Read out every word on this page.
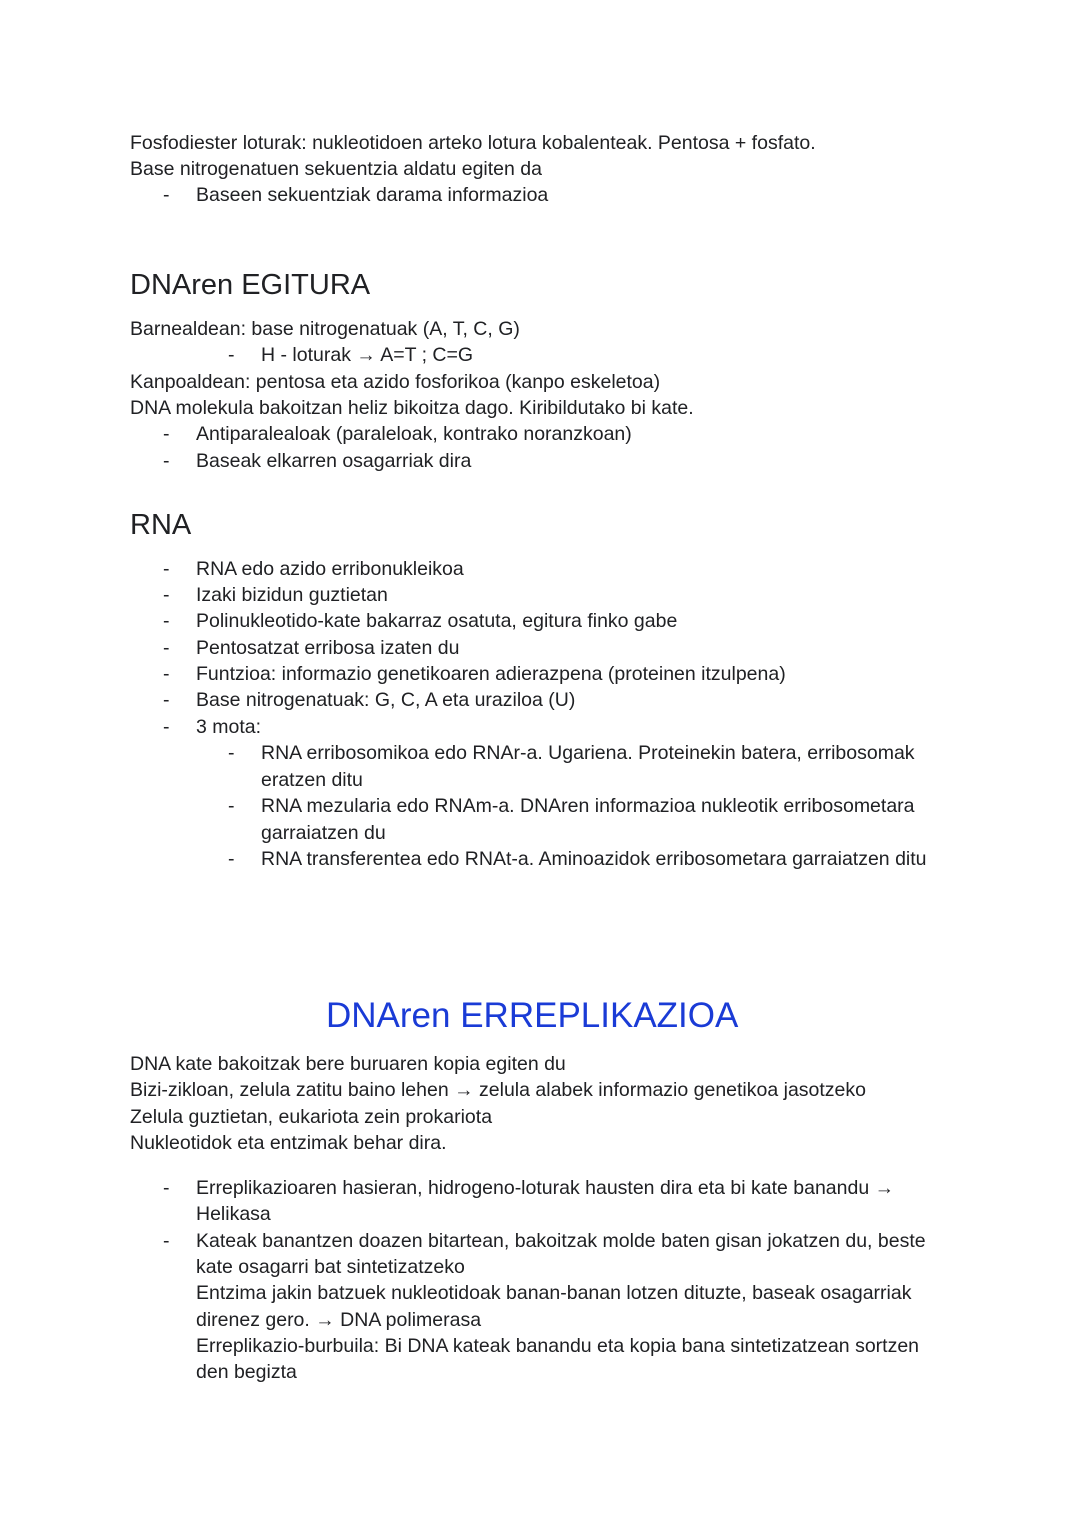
Fosfodiester loturak: nukleotidoen arteko lotura kobalenteak. Pentosa + fosfato.
Base nitrogenatuen sekuentzia aldatu egiten da
- Baseen sekuentziak darama informazioa
DNAren EGITURA
Barnealdean: base nitrogenatuak (A, T, C, G)
- H - loturak → A=T ; C=G
Kanpoaldean: pentosa eta azido fosforikoa (kanpo eskeletoa)
DNA molekula bakoitzan heliz bikoitza dago. Kiribildutako bi kate.
- Antiparalealoak (paraleloak, kontrako noranzkoan)
- Baseak elkarren osagarriak dira
RNA
- RNA edo azido erribonukleikoa
- Izaki bizidun guztietan
- Polinukleotido-kate bakarraz osatuta, egitura finko gabe
- Pentosatzat erribosa izaten du
- Funtzioa: informazio genetikoaren adierazpena (proteinen itzulpena)
- Base nitrogenatuak: G, C, A eta uraziloa (U)
- 3 mota:
- RNA erribosomikoa edo RNAr-a. Ugariena. Proteinekin batera, erribosomak
eratzen ditu
- RNA mezularia edo RNAm-a. DNAren informazioa nukleotik erribosometara
garraiatzen du
- RNA transferentea edo RNAt-a. Aminoazidok erribosometara garraiatzen ditu
DNAren ERREPLIKAZIOA
DNA kate bakoitzak bere buruaren kopia egiten du
Bizi-zikloan, zelula zatitu baino lehen → zelula alabek informazio genetikoa jasotzeko
Zelula guztietan, eukariota zein prokariota
Nukleotidok eta entzimak behar dira.
- Erreplikazioaren hasieran, hidrogeno-loturak hausten dira eta bi kate banandu →
Helikasa
- Kateak banantzen doazen bitartean, bakoitzak molde baten gisan jokatzen du, beste
kate osagarri bat sintetizatzeko
Entzima jakin batzuek nukleotidoak banan-banan lotzen dituzte, baseak osagarriak
direnez gero. → DNA polimerasa
Erreplikazio-burbuila: Bi DNA kateak banandu eta kopia bana sintetizatzean sortzen
den begizta
